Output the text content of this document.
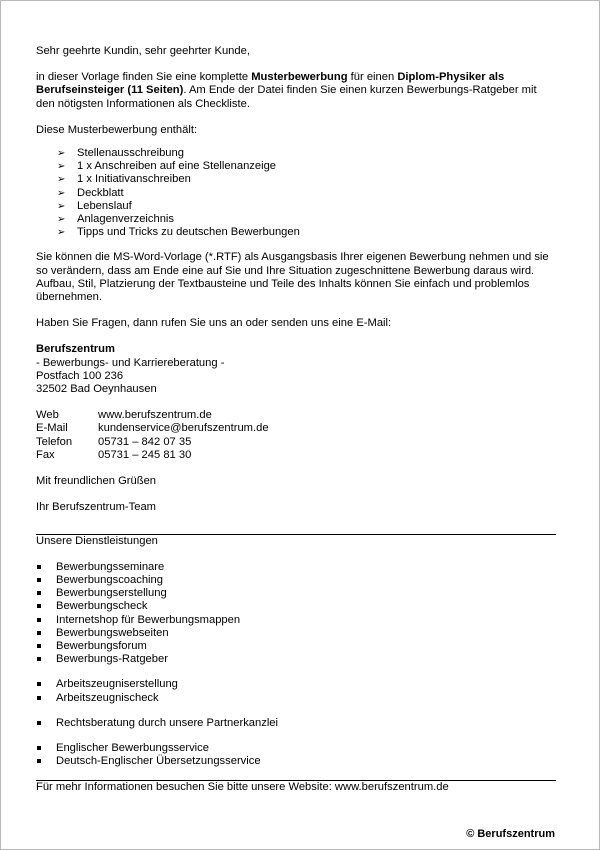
Sehr geehrte Kundin, sehr geehrter Kunde,

in dieser Vorlage finden Sie eine komplette Musterbewerbung für einen Diplom-Physiker als Berufseinsteiger (11 Seiten). Am Ende der Datei finden Sie einen kurzen Bewerbungs-Ratgeber mit den nötigsten Informationen als Checkliste.

Diese Musterbewerbung enthält:

➢ Stellenausschreibung
➢ 1 x Anschreiben auf eine Stellenanzeige
➢ 1 x Initiativanschreiben
➢ Deckblatt
➢ Lebenslauf
➢ Anlagenverzeichnis
➢ Tipps und Tricks zu deutschen Bewerbungen

Sie können die MS-Word-Vorlage (*.RTF) als Ausgangsbasis Ihrer eigenen Bewerbung nehmen und sie so verändern, dass am Ende eine auf Sie und Ihre Situation zugeschnittene Bewerbung daraus wird. Aufbau, Stil, Platzierung der Textbausteine und Teile des Inhalts können Sie einfach und problemlos übernehmen.

Haben Sie Fragen, dann rufen Sie uns an oder senden uns eine E-Mail:

Berufszentrum
- Bewerbungs- und Karriereberatung -
Postfach 100 236
32502 Bad Oeynhausen
Web	www.berufszentrum.de
E-Mail	kundenservice@berufszentrum.de
Telefon	05731 – 842 07 35
Fax	05731 – 245 81 30

Mit freundlichen Grüßen

Ihr Berufszentrum-Team

Unsere Dienstleistungen

Bewerbungsseminare
Bewerbungscoaching
Bewerbungserstellung
Bewerbungscheck
Internetshop für Bewerbungsmappen
Bewerbungswebseiten
Bewerbungsforum
Bewerbungs-Ratgeber
Arbeitszeugniserstellung
Arbeitszeugnischeck
Rechtsberatung durch unsere Partnerkanzlei
Englischer Bewerbungsservice
Deutsch-Englischer Übersetzungsservice

Für mehr Informationen besuchen Sie bitte unsere Website: www.berufszentrum.de

© Berufszentrum
